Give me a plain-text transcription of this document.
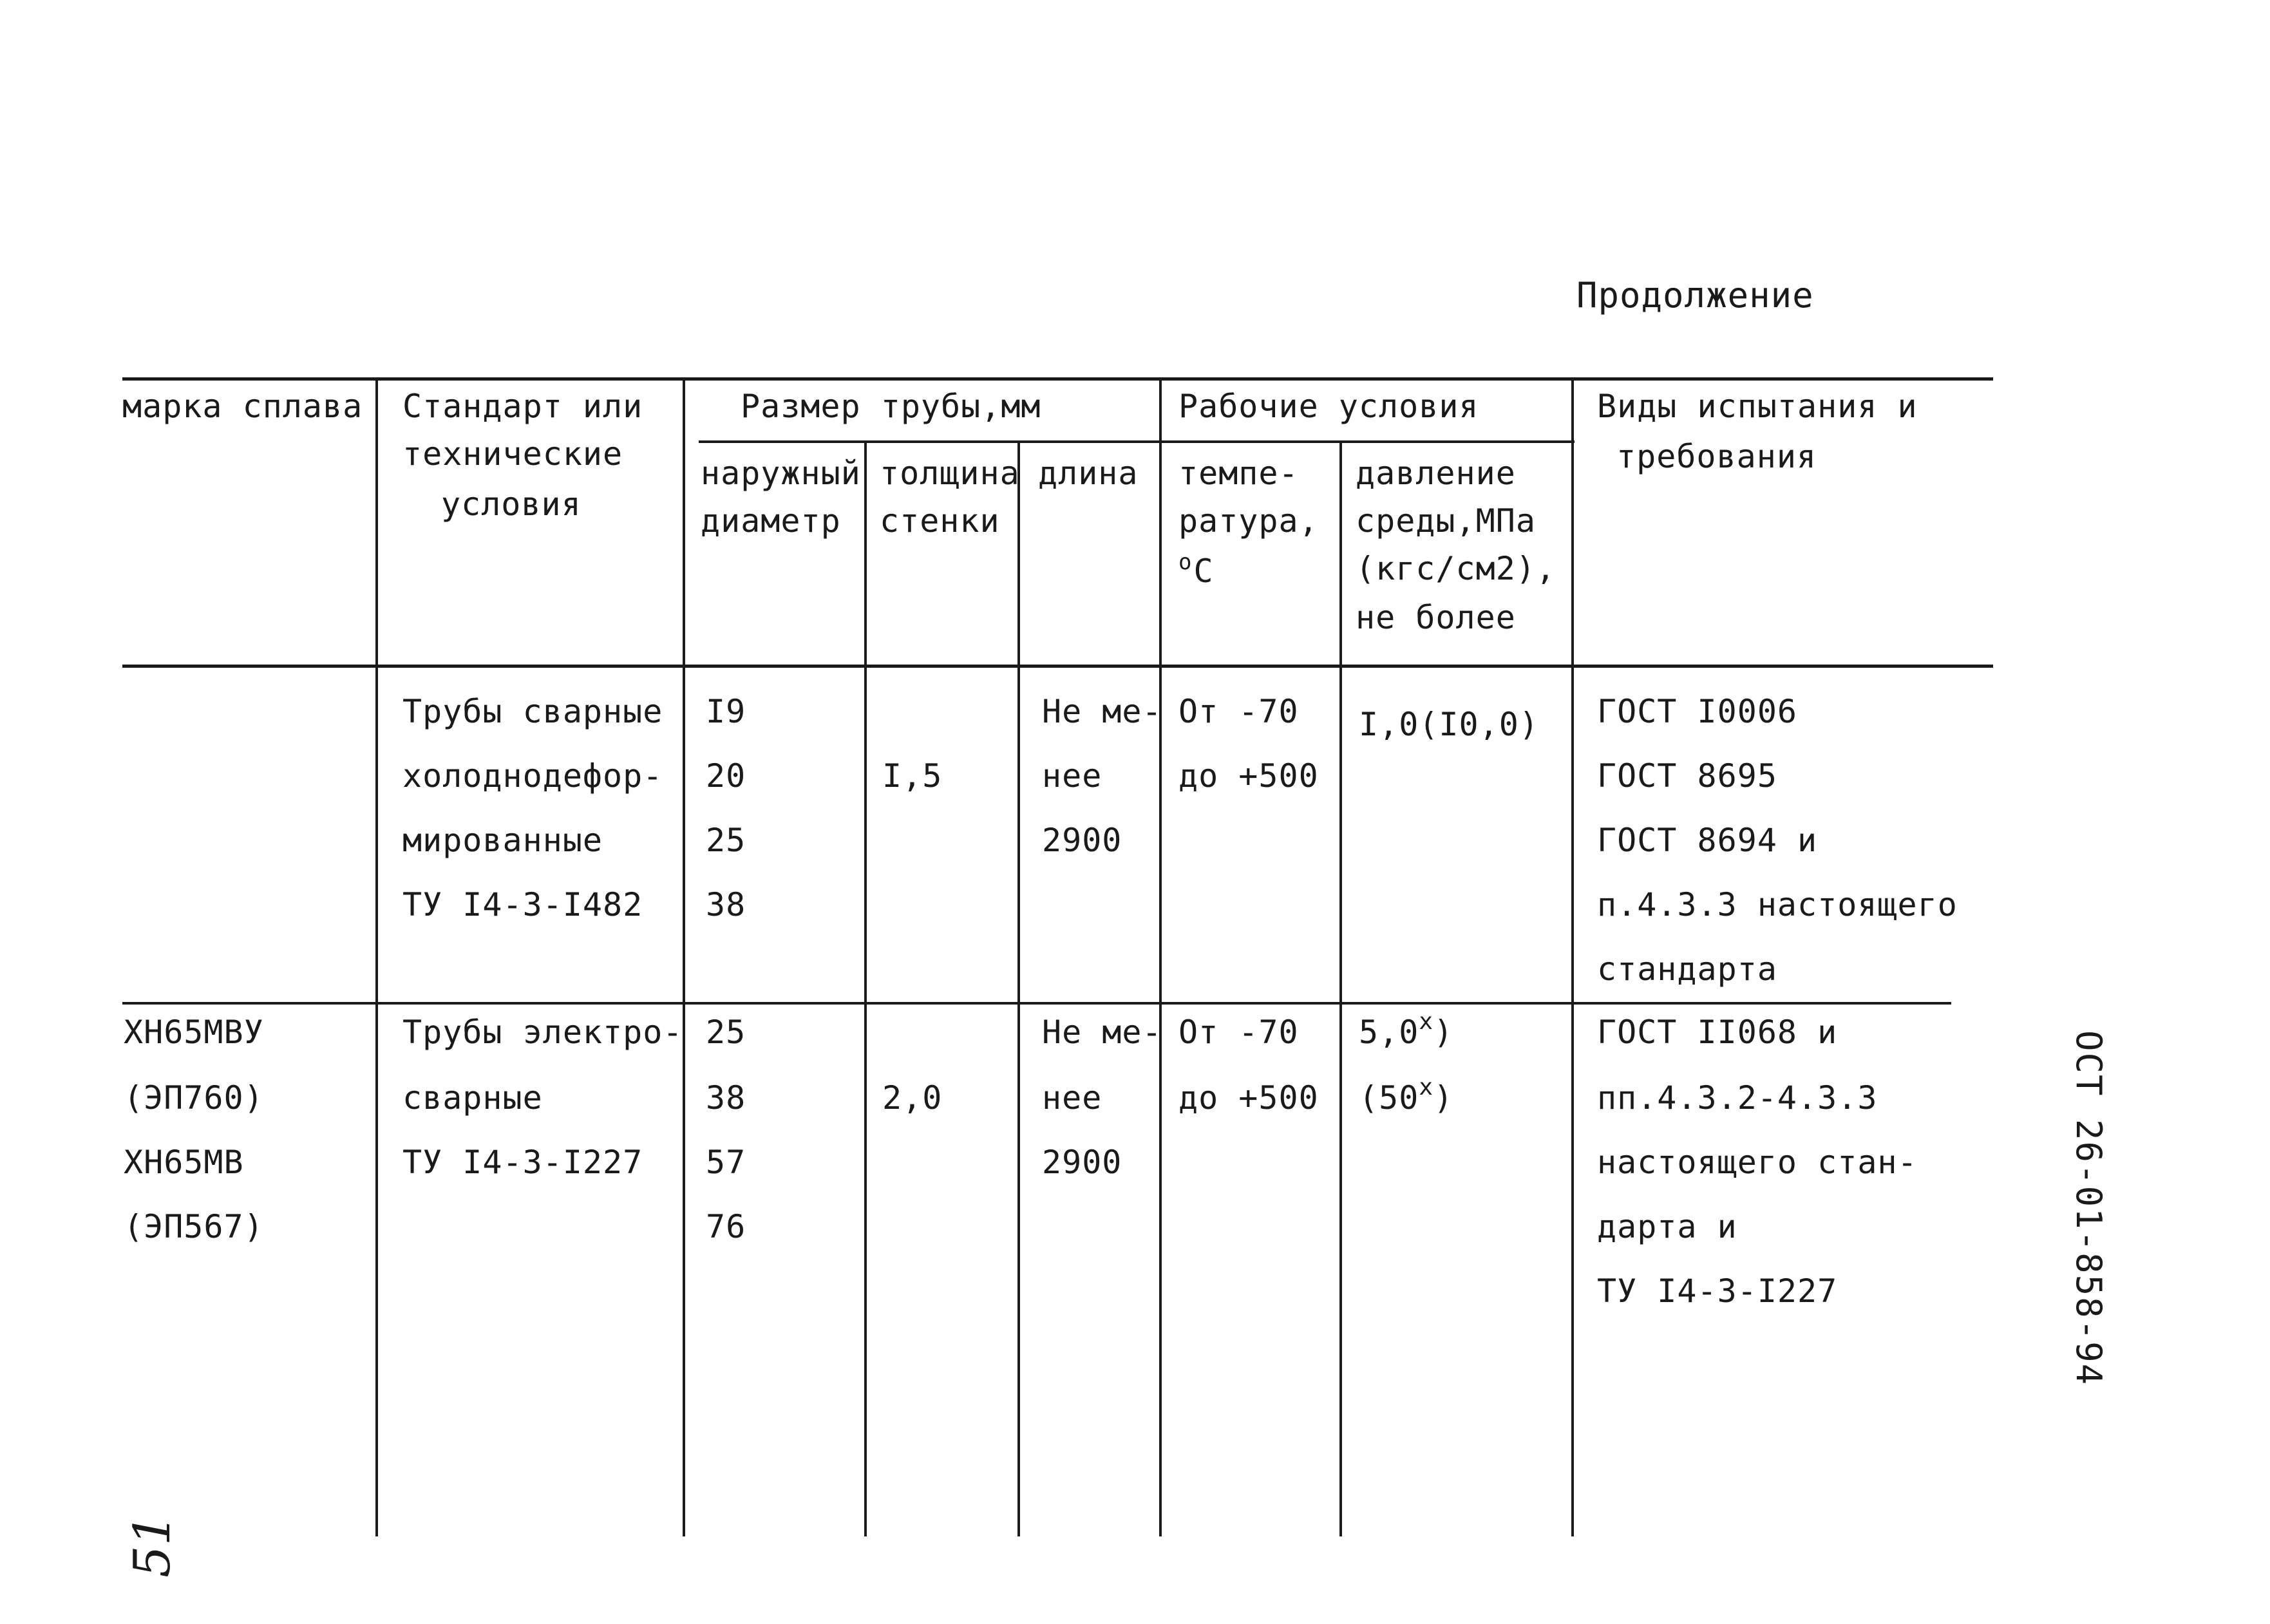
Продолжение
марка сплава Стандарт или
технические
условия
Размер трубы,мм
наружный
диаметр
толщина
стенки
длина
Рабочие условия
темпе-
ратура,
$^о$С
давление
среды,МПа
(кгс/см2),
не более
Виды испытания и
требования
Трубы сварные
холоднодефор-
мированные
ТУ I4-3-I482
I9
20
25
38
I,5
Не ме-
нее
2900
От -70
до +500
I,0(I0,0) ГОСТ I0006
ГОСТ 8695
ГОСТ 8694 и
п.4.3.3 настоящего
стандарта
ХН65МВУ
(ЭП760)
ХН65МВ
(ЭП567)
Трубы электро-
сварные
ТУ I4-3-I227
25
38
57
76
2,0
Не ме-
нее
2900
От -70
до +500
$5,0^х$)
$(50^х)$
ГОСТ II068 и
пп.4.3.2-4.3.3
настоящего стан-
дарта и
ТУ I4-3-I227	ОСТ 26-01-858-94
51
